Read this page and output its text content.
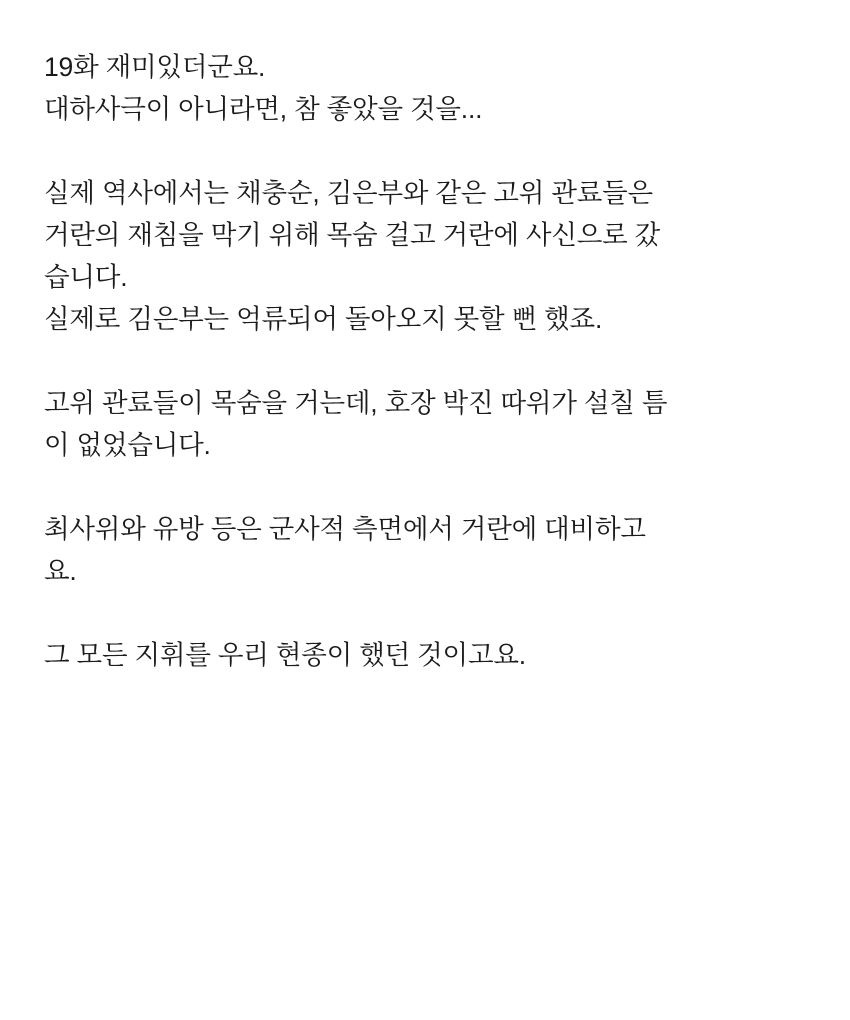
19화 재미있더군요.
대하사극이 아니라면, 참 좋았을 것을...

실제 역사에서는 채충순, 김은부와 같은 고위 관료들은
거란의 재침을 막기 위해 목숨 걸고 거란에 사신으로 갔
습니다.
실제로 김은부는 억류되어 돌아오지 못할 뻔 했죠.

고위 관료들이 목숨을 거는데, 호장 박진 따위가 설칠 틈
이 없었습니다.

최사위와 유방 등은 군사적 측면에서 거란에 대비하고
요.

그 모든 지휘를 우리 현종이 했던 것이고요.
